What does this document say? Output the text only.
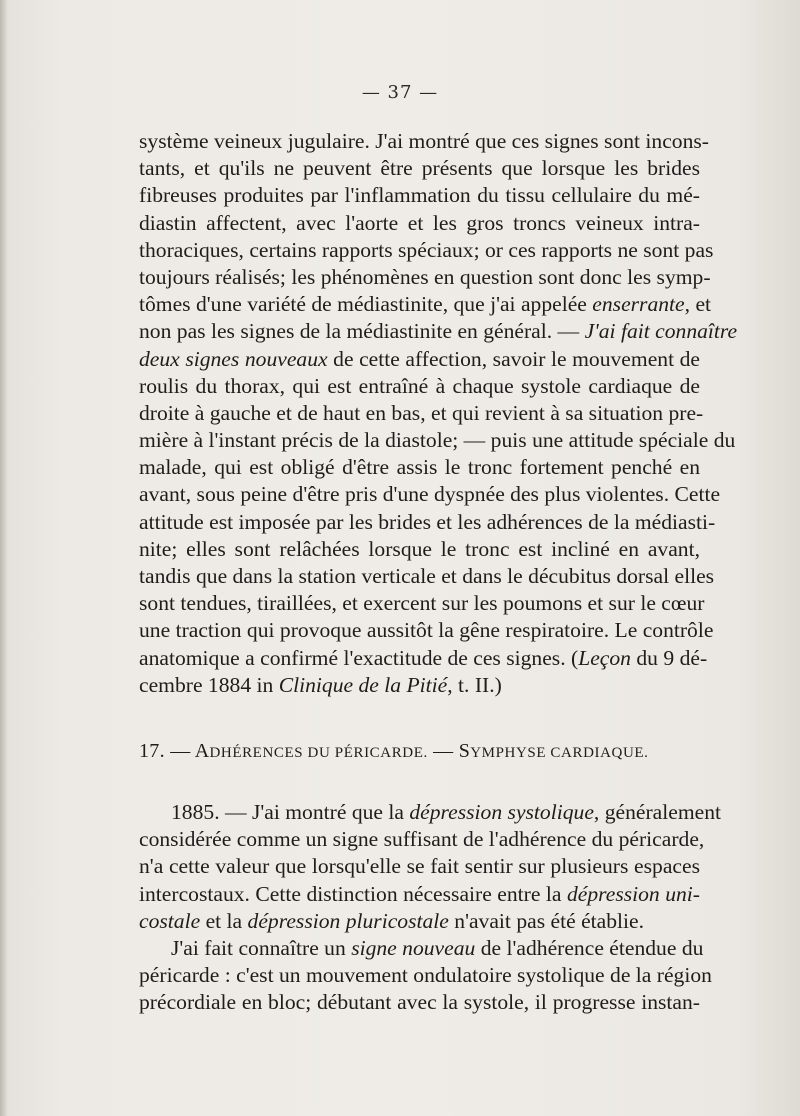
— 37 —
système veineux jugulaire. J'ai montré que ces signes sont incons-
tants, et qu'ils ne peuvent être présents que lorsque les brides
fibreuses produites par l'inflammation du tissu cellulaire du mé-
diastin affectent, avec l'aorte et les gros troncs veineux intra-
thoraciques, certains rapports spéciaux; or ces rapports ne sont pas
toujours réalisés; les phénomènes en question sont donc les symp-
tômes d'une variété de médiastinite, que j'ai appelée enserrante, et
non pas les signes de la médiastinite en général. — J'ai fait connaître
deux signes nouveaux de cette affection, savoir le mouvement de
roulis du thorax, qui est entraîné à chaque systole cardiaque de
droite à gauche et de haut en bas, et qui revient à sa situation pre-
mière à l'instant précis de la diastole; — puis une attitude spéciale du
malade, qui est obligé d'être assis le tronc fortement penché en
avant, sous peine d'être pris d'une dyspnée des plus violentes. Cette
attitude est imposée par les brides et les adhérences de la médiasti-
nite; elles sont relâchées lorsque le tronc est incliné en avant,
tandis que dans la station verticale et dans le décubitus dorsal elles
sont tendues, tiraillées, et exercent sur les poumons et sur le cœur
une traction qui provoque aussitôt la gêne respiratoire. Le contrôle
anatomique a confirmé l'exactitude de ces signes. (Leçon du 9 dé-
cembre 1884 in Clinique de la Pitié, t. II.)
17. — ADHÉRENCES DU PÉRICARDE. — SYMPHYSE CARDIAQUE.
1885. — J'ai montré que la dépression systolique, généralement
considérée comme un signe suffisant de l'adhérence du péricarde,
n'a cette valeur que lorsqu'elle se fait sentir sur plusieurs espaces
intercostaux. Cette distinction nécessaire entre la dépression uni-
costale et la dépression pluricostale n'avait pas été établie.
J'ai fait connaître un signe nouveau de l'adhérence étendue du
péricarde : c'est un mouvement ondulatoire systolique de la région
précordiale en bloc; débutant avec la systole, il progresse instan-
